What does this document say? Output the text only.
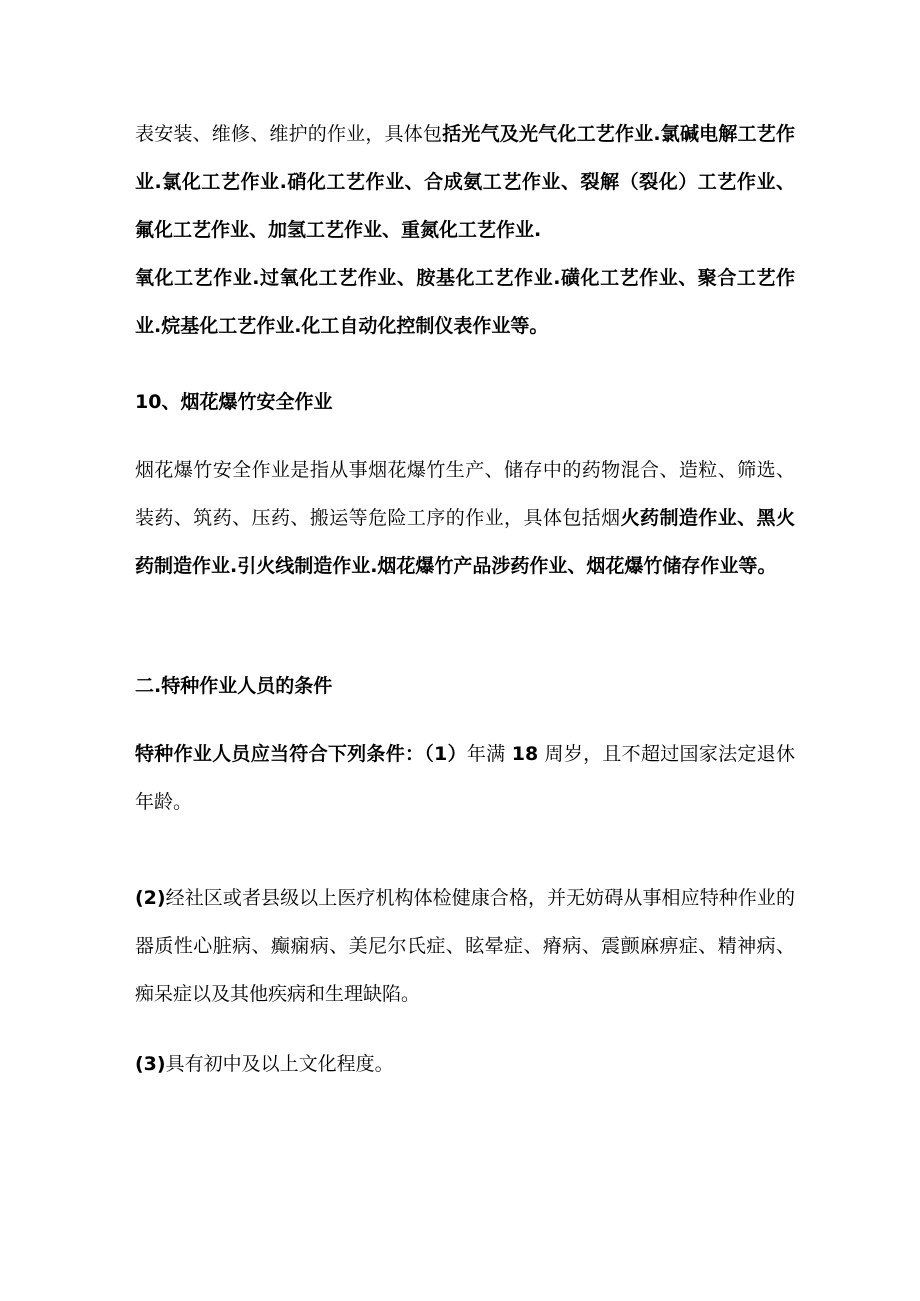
表安装、维修、维护的作业，具体包括光气及光气化工艺作业.氯碱电解工艺作业.氯化工艺作业.硝化工艺作业、合成氨工艺作业、裂解（裂化）工艺作业、氟化工艺作业、加氢工艺作业、重氮化工艺作业.

氧化工艺作业.过氧化工艺作业、胺基化工艺作业.磺化工艺作业、聚合工艺作业.烷基化工艺作业.化工自动化控制仪表作业等。

10、烟花爆竹安全作业

烟花爆竹安全作业是指从事烟花爆竹生产、储存中的药物混合、造粒、筛选、装药、筑药、压药、搬运等危险工序的作业，具体包括烟火药制造作业、黑火药制造作业.引火线制造作业.烟花爆竹产品涉药作业、烟花爆竹储存作业等。

二.特种作业人员的条件

特种作业人员应当符合下列条件：（1）年满 18 周岁，且不超过国家法定退休年龄。

(2)经社区或者县级以上医疗机构体检健康合格，并无妨碍从事相应特种作业的器质性心脏病、癫痫病、美尼尔氏症、眩晕症、瘠病、震颤麻痹症、精神病、痴呆症以及其他疾病和生理缺陷。

(3)具有初中及以上文化程度。
